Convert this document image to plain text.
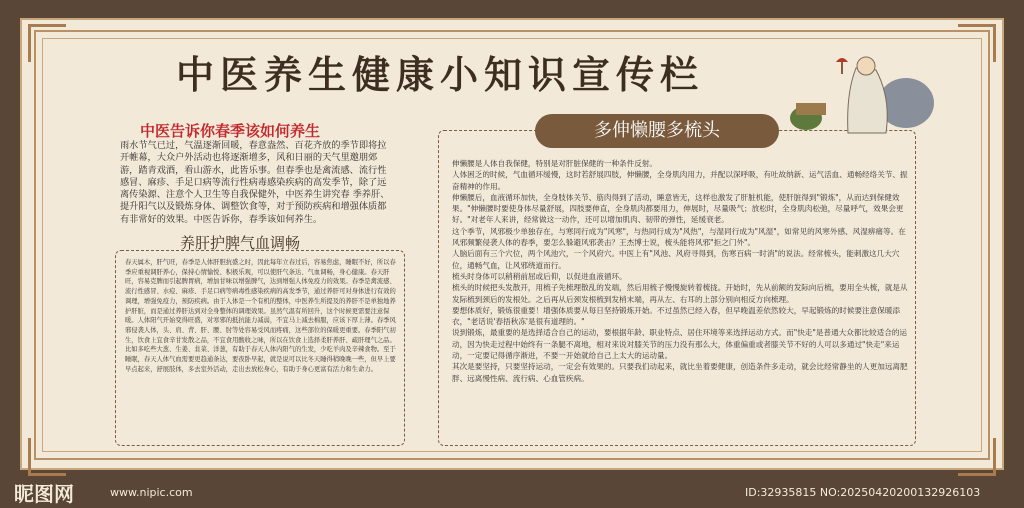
中医养生健康小知识宣传栏
中医告诉你春季该如何养生
雨水节气已过，气温逐渐回暖，春意盎然、百花齐放的季节即将拉开帷幕，大众户外活动也将逐渐增多，风和日丽的天气里邀朋郊游，踏青戏酒，看山游水，此皆乐事。但春季也是禽流感、流行性感冒、麻疹、手足口病等流行性病毒感染疾病的高发季节，除了远离传染源、注意个人卫生等自我保健外，中医养生讲究春 季养肝、提升阳气以及锻炼身体、调整饮食等，对于预防疾病和增强体质都有非常好的效果。中医告诉你，春季该如何养生。
养肝护脾气血调畅
春天属木，肝气旺，春季是人体肝胆抗盛之时，因此每年立春过后，容易焦虑，睡眠不好，所以春季应重视调肝养心，保持心情愉悦、积极乐观，可以使肝气条达、气血调畅，身心健康。春天肝旺，容易克脾而引起脾胃病，增加甘味以增强脾气，达到增强人体免疫力的效果。春季是禽流感、流行性感冒、水痘、麻疹、手足口病等病毒性感染疾病的高发季节，通过养肝可对身体进行有效的调理，增强免疫力，预防疾病。由于人体是一个有机的整体，中医养生所提及的养肝不是单独地养护肝脏，而是通过养肝达到对全身整体的调理效果。虽然气温有所回升，这个时候更需要注意保暖。人体阳气开始变得旺盛，对寒邪的抵抗能力减弱，不宜马上减去棉服，应该下厚上薄。春季风邪侵袭人体，头、肩、背、肝、腰、肘等处容易受风而疼痛，这些部位的保暖更重要。春季阳气初生，饮食上宜食辛甘发散之品，不宜食用酸收之味，所以在饮食上选择柔肝养肝、疏肝理气之品。比如多吃些大葱、生姜、韭菜、洋葱，有助于春天人体内阳气的生发，少吃羊肉及辛辣食物。至于睡眠，春天人体气血需要更趋通条达，要夜卧早起，就是说可以比冬天睡得稍晚晚一些，但早上要早点起来，舒展肢体，多去室外活动，走出去放松身心，有助于身心更富有活力和生命力。
多伸懒腰多梳头

伸懒腰是人体自我保健，特别是对肝脏保健的一种条件反射。

人体困乏的时候，气血循环缓慢，这时若舒展四肢，伸懒腰，全身肌肉用力，并配以深呼吸，有吐故纳新、运气活血、通畅经络关节、振奋精神的作用。

伸懒腰后，血液循环加快，全身肢体关节、筋肉得到了活动，睡意皆无，这样也激发了肝脏机能，使肝脏得到"锻炼"，从而达到保健效果。"伸懒腰时要使身体尽量舒展，四肢要伸直，全身肌肉都要用力，伸展时，尽量吸气；放松时，全身肌肉松弛，尽量呼气，效果会更好。"对老年人来讲，经常做这一动作，还可以增加肌肉、韧带的弹性，延缓衰老。

这个季节，风邪极少单独存在，与寒同行成为"风寒"，与热同行成为"风热"，与湿同行成为"风湿"，如常见的风寒外感、风湿痹痛等。在风邪频繁侵袭人体的春季，要怎么躲避风邪袭击？王杰博士说，梳头能将风邪"拒之门外"。

人脑后面有三个穴位，两个风池穴，一个风府穴。中医上有"风池、风府寻得到，伤寒百病一时消"的说法。经常梳头，能刺激这几大穴位，通畅气血，让风邪绕道而行。

梳头时身体可以稍稍前屈或后仰，以促进血液循环。

梳头的时候把头发散开，用梳子先梳理散乱的发端，然后用梳子慢慢旋转着梳拢。开始时，先从前额的发际向后梳，要用全头梳，就是从发际梳到颈后的发根处。之后再从后颈发根梳到发梢末端，再从左、右耳的上部分别向相反方向梳理。

要想体质好，锻炼很重要！增强体质要从每日坚持锻炼开始。不过虽然已经入春，但早晚温差依然较大，早起锻炼的时候要注意保暖添衣，"老话说'春捂秋冻'是很有道理的。"

说到锻炼，最重要的是选择适合自己的运动，要根据年龄、职业特点、居住环境等来选择运动方式。而"快走"是普通大众都比较适合的运动，因为快走过程中始终有一条腿不离地，相对来说对膝关节的压力没有那么大，体重偏重或者膝关节不好的人可以多通过"快走"来运动，一定要记得循序渐进，不要一开始就给自己上太大的运动量。

其次是要坚持，只要坚持运动，一定会有效果的。只要我们动起来，就比坐着要健康，创造条件多走动，就会比经常静坐的人更加远离肥胖、远离慢性病、流行病、心血管疾病。

昵图网	www.nipic.com	ID:32935815 NO:20250420200132926103
